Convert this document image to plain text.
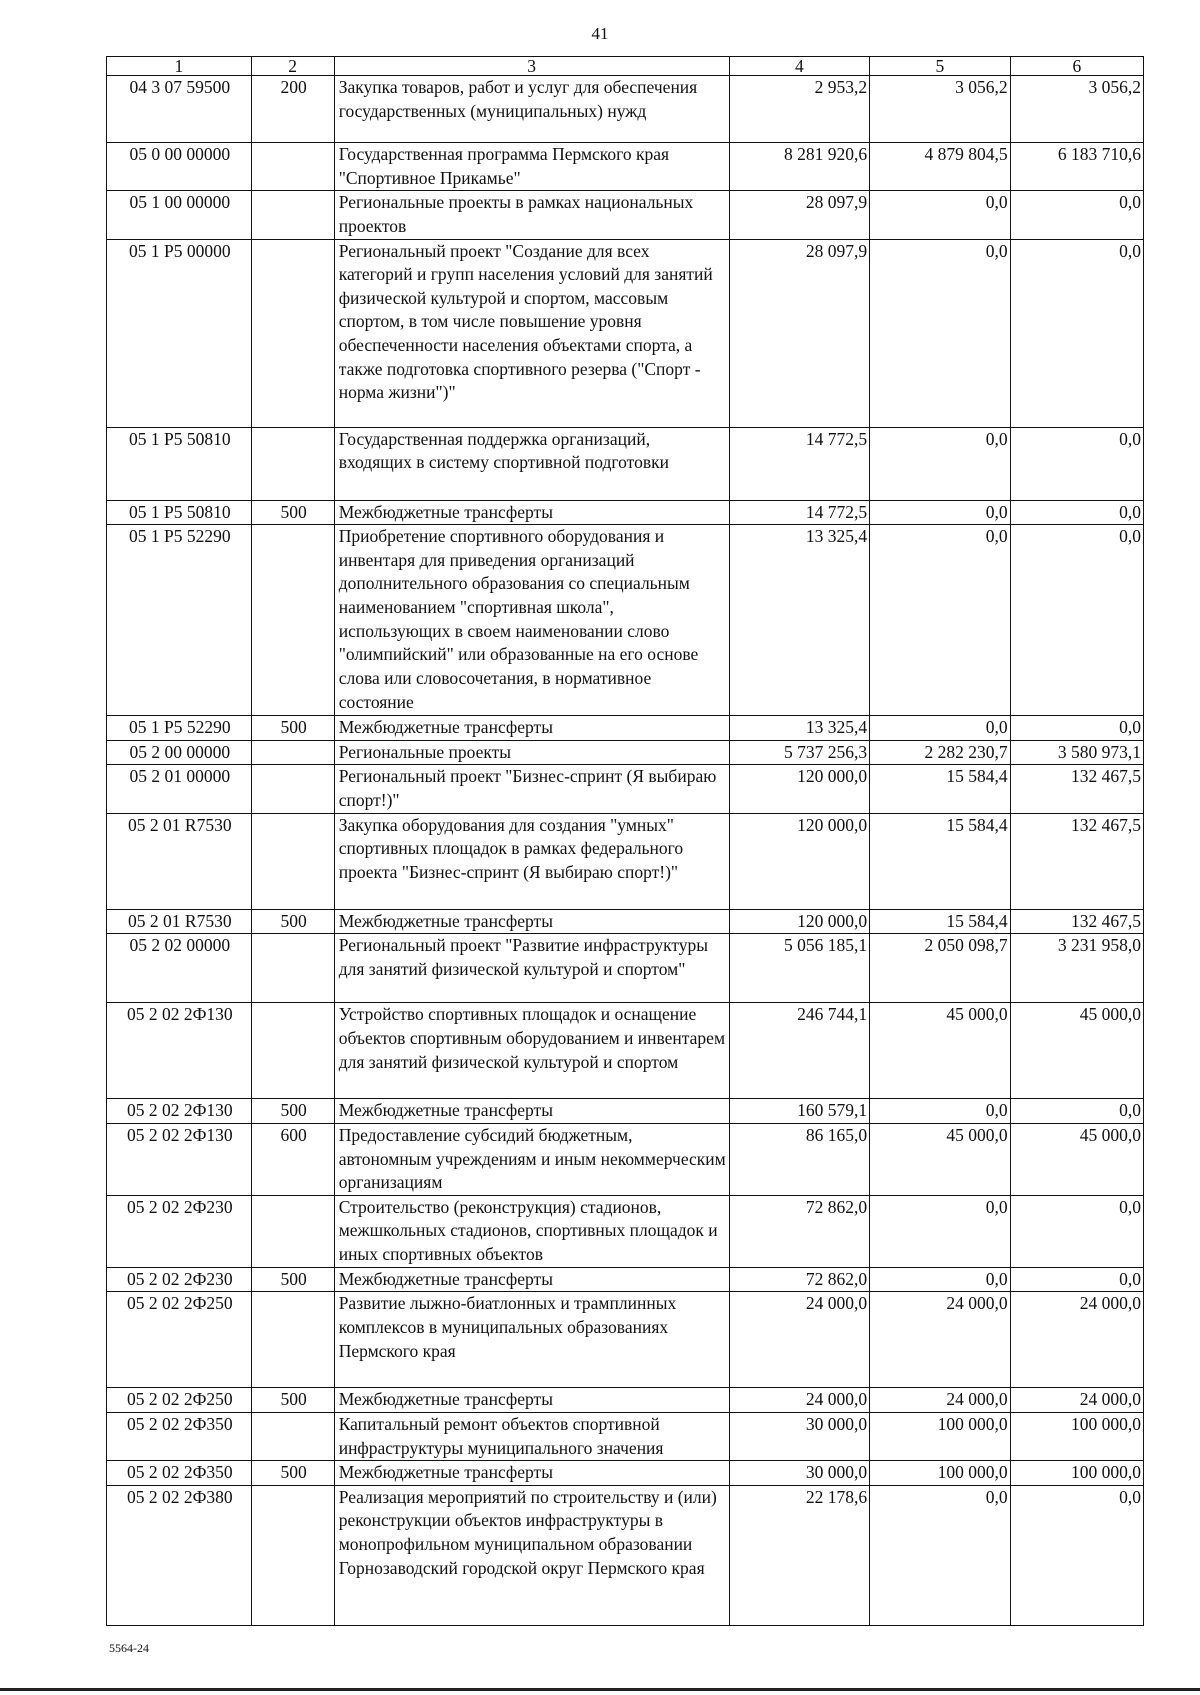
41
1	2	3	4	5	6
04 3 07 59500	200	Закупка товаров, работ и услуг для обеспечения государственных (муниципальных) нужд	2 953,2	3 056,2	3 056,2
05 0 00 00000		Государственная программа Пермского края "Спортивное Прикамье"	8 281 920,6	4 879 804,5	6 183 710,6
05 1 00 00000		Региональные проекты в рамках национальных проектов	28 097,9	0,0	0,0
05 1 P5 00000		Региональный проект "Создание для всех категорий и групп населения условий для занятий физической культурой и спортом, массовым спортом, в том числе повышение уровня обеспеченности населения объектами спорта, а также подготовка спортивного резерва ("Спорт - норма жизни")"	28 097,9	0,0	0,0
05 1 P5 50810		Государственная поддержка организаций, входящих в систему спортивной подготовки	14 772,5	0,0	0,0
05 1 P5 50810	500	Межбюджетные трансферты	14 772,5	0,0	0,0
05 1 P5 52290		Приобретение спортивного оборудования и инвентаря для приведения организаций дополнительного образования со специальным наименованием "спортивная школа", использующих в своем наименовании слово "олимпийский" или образованные на его основе слова или словосочетания, в нормативное состояние	13 325,4	0,0	0,0
05 1 P5 52290	500	Межбюджетные трансферты	13 325,4	0,0	0,0
05 2 00 00000		Региональные проекты	5 737 256,3	2 282 230,7	3 580 973,1
05 2 01 00000		Региональный проект "Бизнес-спринт (Я выбираю спорт!)"	120 000,0	15 584,4	132 467,5
05 2 01 R7530		Закупка оборудования для создания "умных" спортивных площадок в рамках федерального проекта "Бизнес-спринт (Я выбираю спорт!)"	120 000,0	15 584,4	132 467,5
05 2 01 R7530	500	Межбюджетные трансферты	120 000,0	15 584,4	132 467,5
05 2 02 00000		Региональный проект "Развитие инфраструктуры для занятий физической культурой и спортом"	5 056 185,1	2 050 098,7	3 231 958,0
05 2 02 2Ф130		Устройство спортивных площадок и оснащение объектов спортивным оборудованием и инвентарем для занятий физической культурой и спортом	246 744,1	45 000,0	45 000,0
05 2 02 2Ф130	500	Межбюджетные трансферты	160 579,1	0,0	0,0
05 2 02 2Ф130	600	Предоставление субсидий бюджетным, автономным учреждениям и иным некоммерческим организациям	86 165,0	45 000,0	45 000,0
05 2 02 2Ф230		Строительство (реконструкция) стадионов, межшкольных стадионов, спортивных площадок и иных спортивных объектов	72 862,0	0,0	0,0
05 2 02 2Ф230	500	Межбюджетные трансферты	72 862,0	0,0	0,0
05 2 02 2Ф250		Развитие лыжно-биатлонных и трамплинных комплексов в муниципальных образованиях Пермского края	24 000,0	24 000,0	24 000,0
05 2 02 2Ф250	500	Межбюджетные трансферты	24 000,0	24 000,0	24 000,0
05 2 02 2Ф350		Капитальный ремонт объектов спортивной инфраструктуры муниципального значения	30 000,0	100 000,0	100 000,0
05 2 02 2Ф350	500	Межбюджетные трансферты	30 000,0	100 000,0	100 000,0
05 2 02 2Ф380		Реализация мероприятий по строительству и (или) реконструкции объектов инфраструктуры в монопрофильном муниципальном образовании Горнозаводский городской округ Пермского края	22 178,6	0,0	0,0
5564-24
